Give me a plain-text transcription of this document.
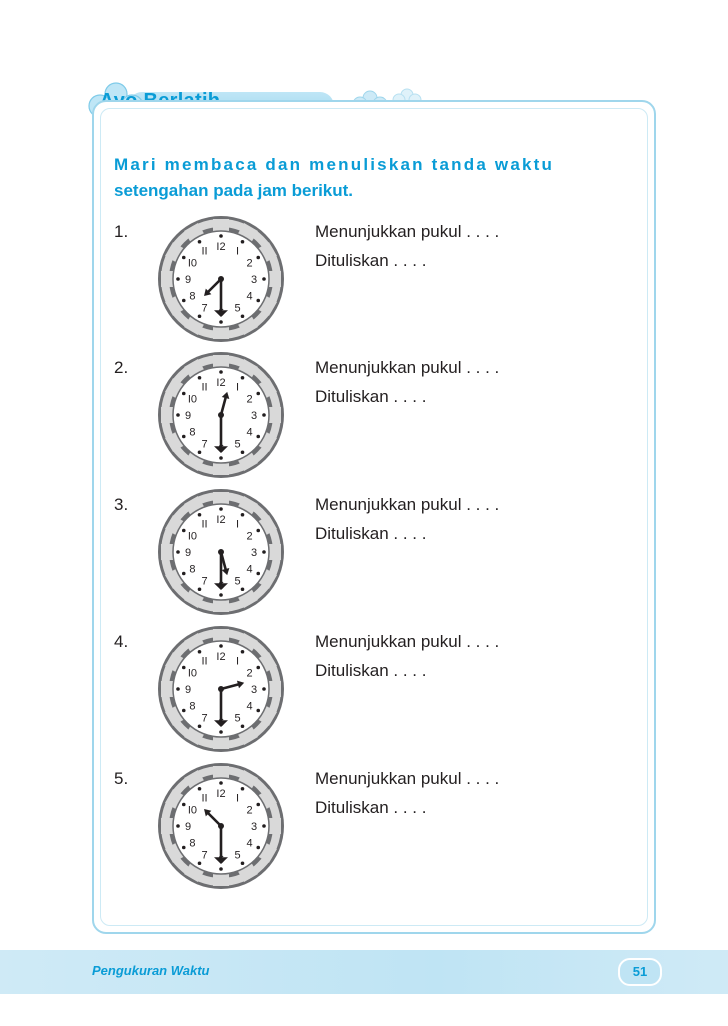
Mari membaca dan menuliskan tanda waktu
setengahan pada jam berikut.
1.
I2 I
2
3
4
5
7
8
9
I0
II
Menunjukkan pukul . . . .
Dituliskan . . . .
2.
I2 I
2
3
4
5
7
8
9
I0
II
Menunjukkan pukul . . . .
Dituliskan . . . .
3.
I2 I
2
3
4
5
7
8
9
I0
II
Menunjukkan pukul . . . .
Dituliskan . . . .
4.
I2 I
2
3
4
5
7
8
9
I0
II
Menunjukkan pukul . . . .
Dituliskan . . . .
5.
I2 I
2
3
4
5
7
8
9
I0
II
Menunjukkan pukul . . . .
Dituliskan . . . .
Pengukuran Waktu	51
